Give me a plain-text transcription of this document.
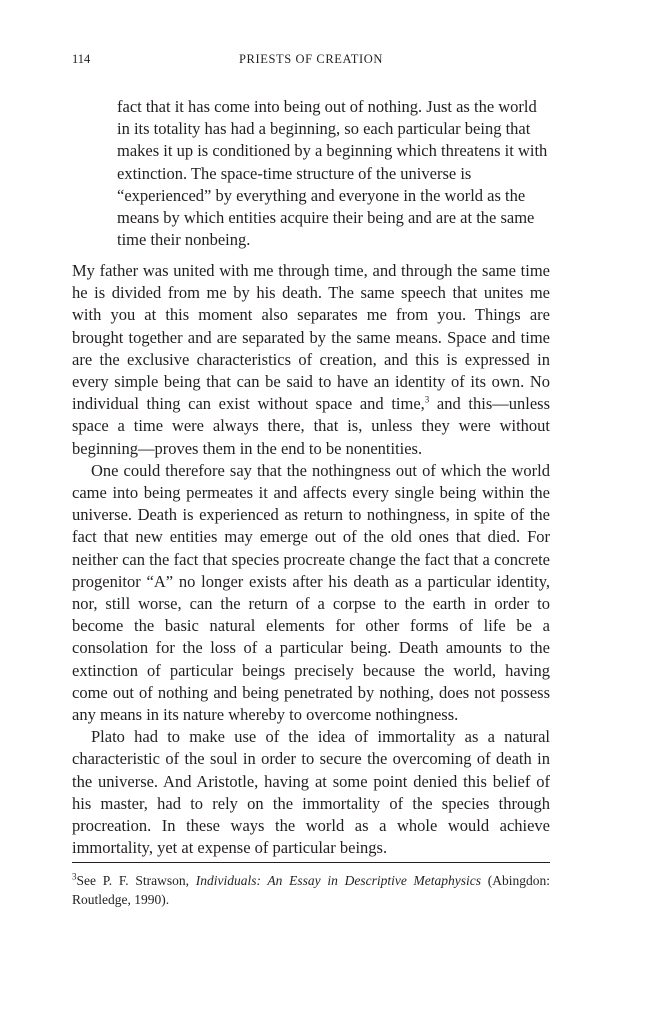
114	PRIESTS OF CREATION

fact that it has come into being out of nothing. Just as the world in its totality has had a beginning, so each particular being that makes it up is conditioned by a beginning which threatens it with extinction. The space-time structure of the universe is “experienced” by everything and everyone in the world as the means by which entities acquire their being and are at the same time their nonbeing.

My father was united with me through time, and through the same time he is divided from me by his death. The same speech that unites me with you at this moment also separates me from you. Things are brought together and are separated by the same means. Space and time are the exclusive characteristics of creation, and this is expressed in every simple being that can be said to have an identity of its own. No individual thing can exist without space and time,$^3$ and this—unless space a time were always there, that is, unless they were without beginning—proves them in the end to be nonentities.

One could therefore say that the nothingness out of which the world came into being permeates it and affects every single being within the universe. Death is experienced as return to nothingness, in spite of the fact that new entities may emerge out of the old ones that died. For neither can the fact that species procreate change the fact that a concrete progenitor “A” no longer exists after his death as a particular identity, nor, still worse, can the return of a corpse to the earth in order to become the basic natural elements for other forms of life be a consolation for the loss of a particular being. Death amounts to the extinction of particular beings precisely because the world, having come out of nothing and being penetrated by nothing, does not possess any means in its nature whereby to overcome nothingness.

Plato had to make use of the idea of immortality as a natural characteristic of the soul in order to secure the overcoming of death in the universe. And Aristotle, having at some point denied this belief of his master, had to rely on the immortality of the species through procreation. In these ways the world as a whole would achieve immortality, yet at expense of particular beings.

$^3$See P. F. Strawson, Individuals: An Essay in Descriptive Metaphysics (Abingdon: Routledge, 1990).
